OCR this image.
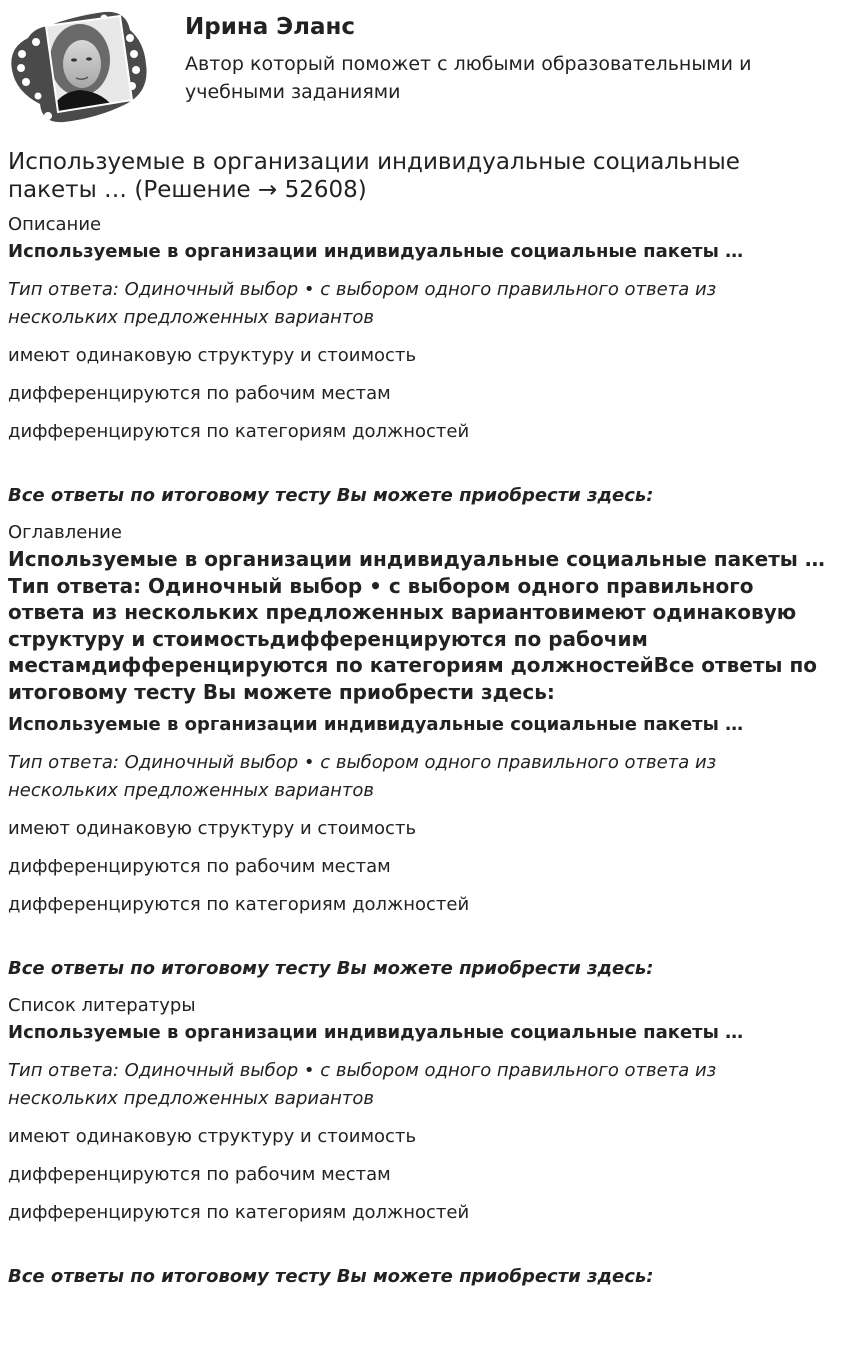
Ирина Эланс
Автор который поможет с любыми образовательными и учебными заданиями
Используемые в организации индивидуальные социальные пакеты … (Решение → 52608)
Описание
Используемые в организации индивидуальные социальные пакеты …
Тип ответа: Одиночный выбор • с выбором одного правильного ответа из нескольких предложенных вариантов
имеют одинаковую структуру и стоимость
дифференцируются по рабочим местам
дифференцируются по категориям должностей
Все ответы по итоговому тесту Вы можете приобрести здесь:
Оглавление
Используемые в организации индивидуальные социальные пакеты …Тип ответа: Одиночный выбор • с выбором одного правильного ответа из нескольких предложенных вариантовимеют одинаковую структуру и стоимостьдифференцируются по рабочим местамдифференцируются по категориям должностейВсе ответы по итоговому тесту Вы можете приобрести здесь:
Используемые в организации индивидуальные социальные пакеты …
Тип ответа: Одиночный выбор • с выбором одного правильного ответа из нескольких предложенных вариантов
имеют одинаковую структуру и стоимость
дифференцируются по рабочим местам
дифференцируются по категориям должностей
Все ответы по итоговому тесту Вы можете приобрести здесь:
Список литературы
Используемые в организации индивидуальные социальные пакеты …
Тип ответа: Одиночный выбор • с выбором одного правильного ответа из нескольких предложенных вариантов
имеют одинаковую структуру и стоимость
дифференцируются по рабочим местам
дифференцируются по категориям должностей
Все ответы по итоговому тесту Вы можете приобрести здесь:
